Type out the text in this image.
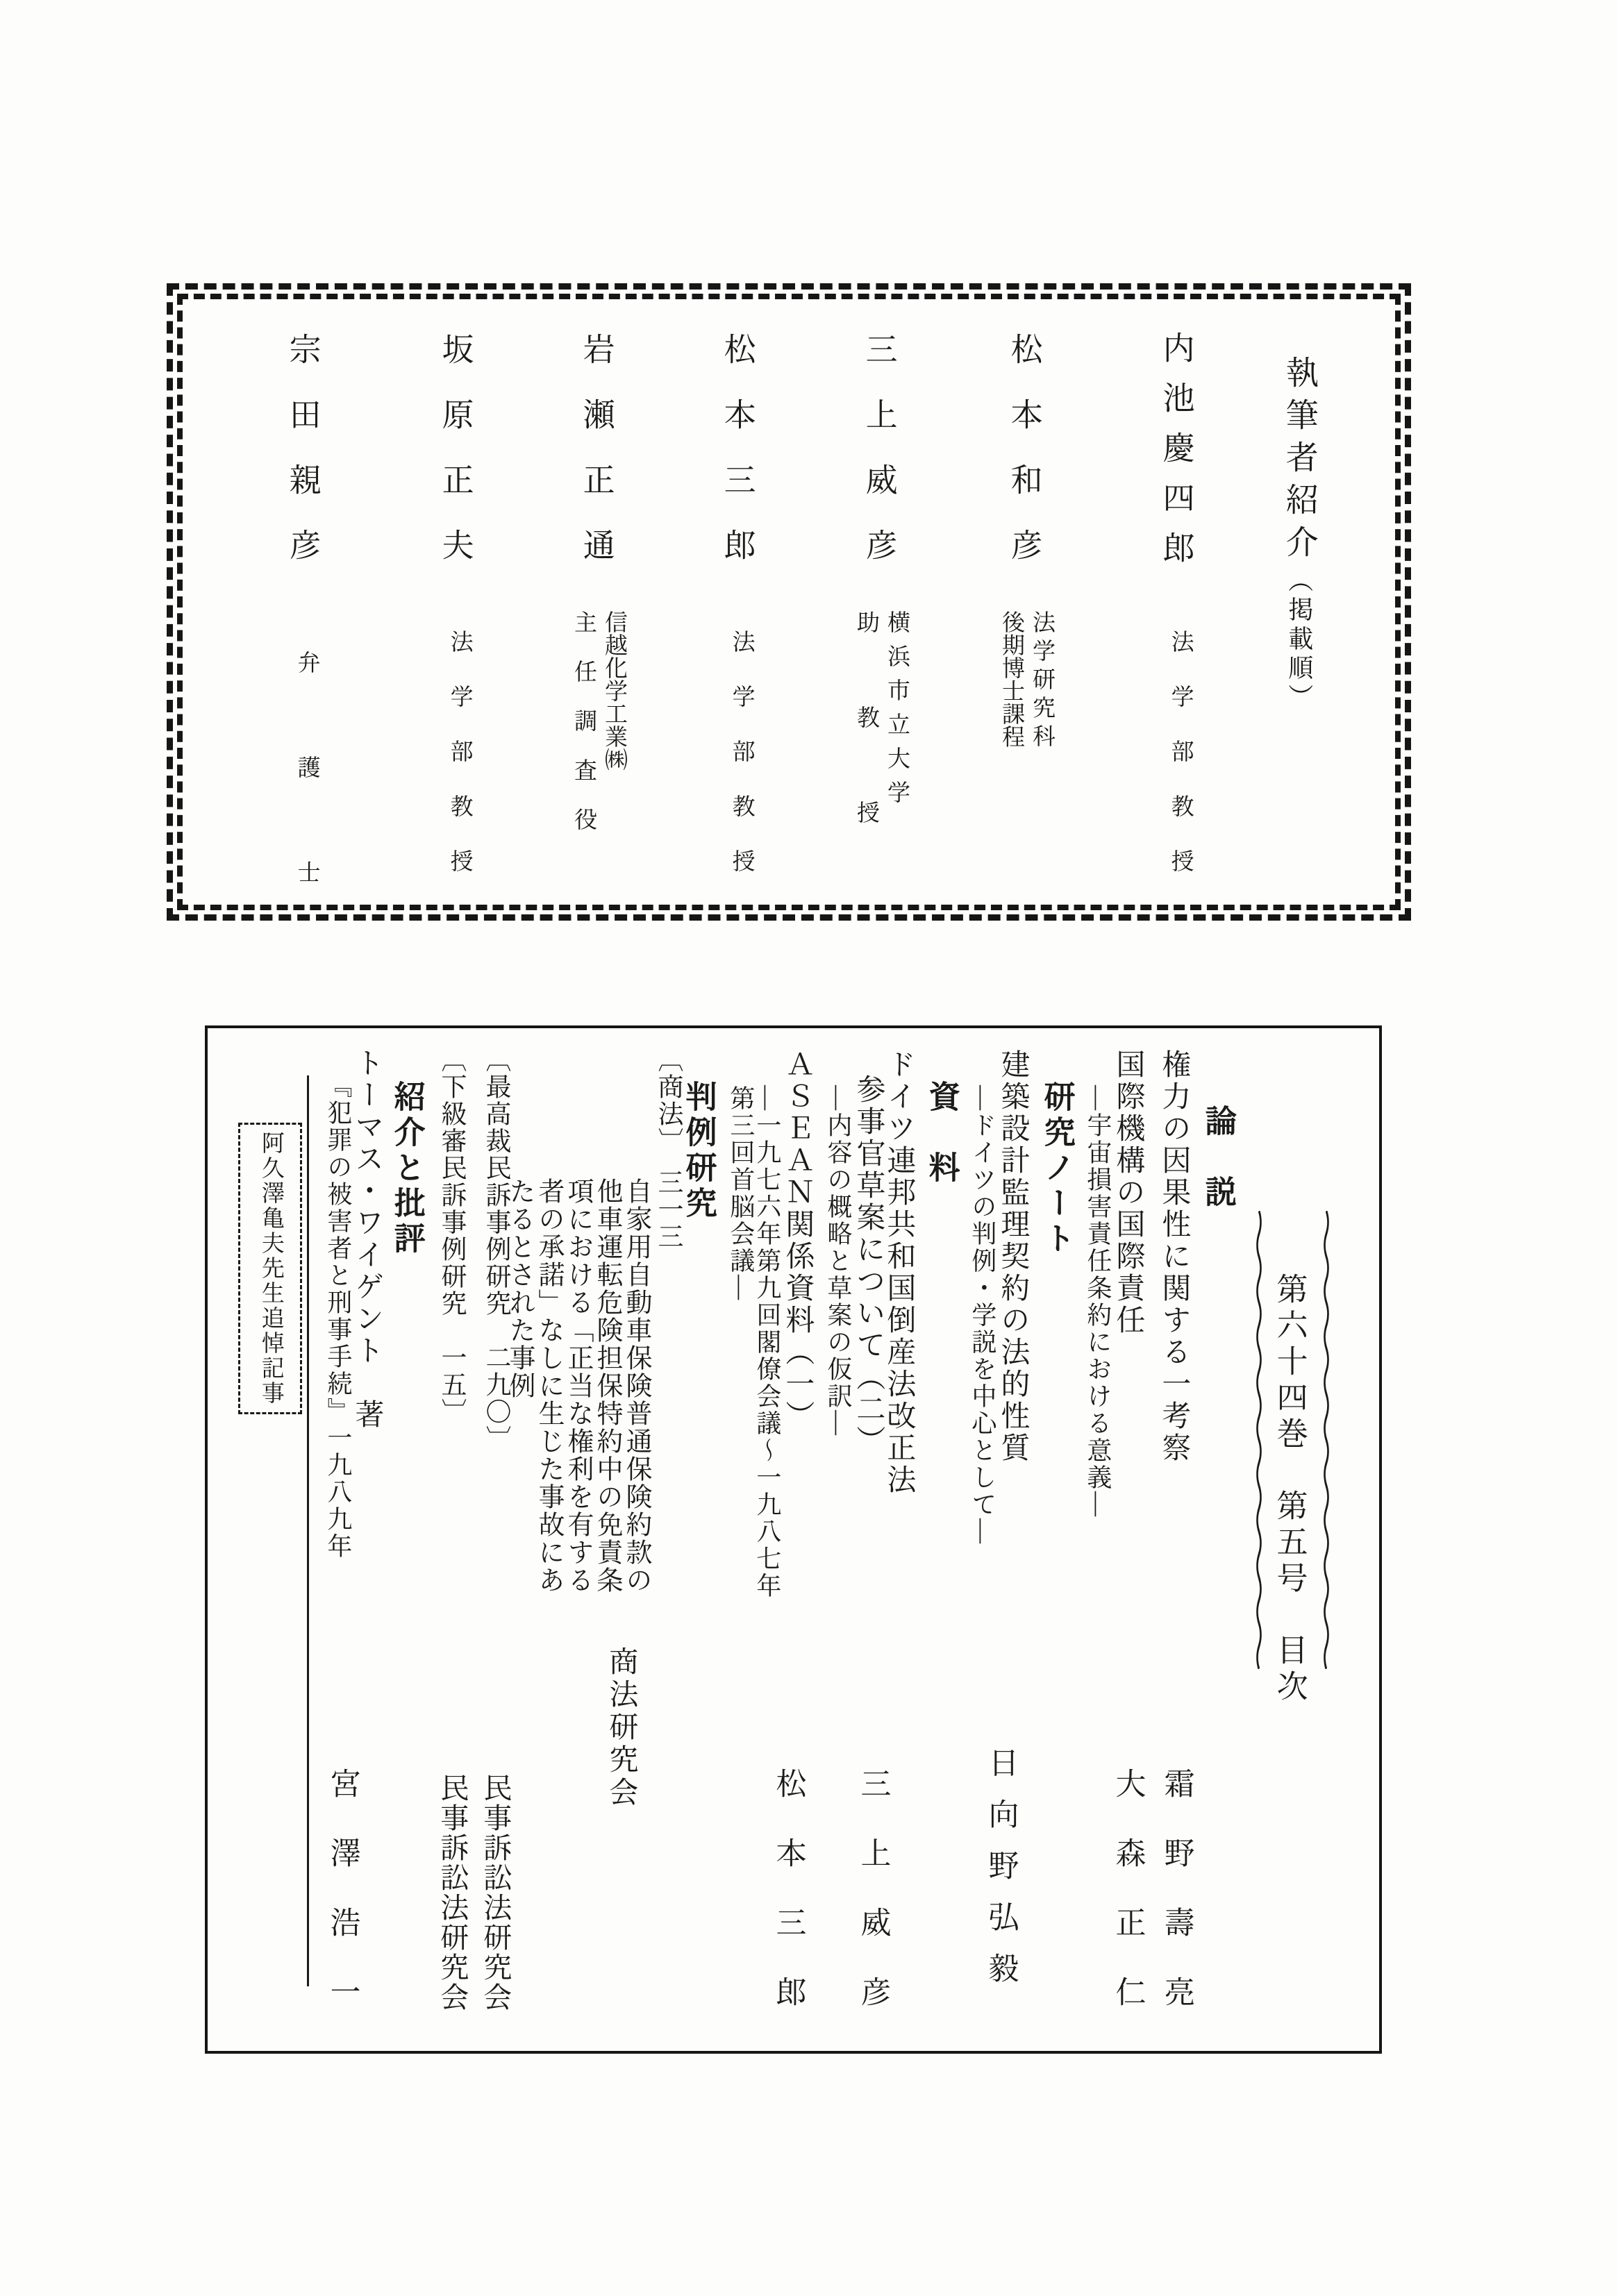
執筆者紹介（掲載順）
内池慶四郎
法学部教授
松本和彦
法学研究科
後期博士課程
三上威彦
横浜市立大学
助教授
松本三郎
法学部教授
岩瀬正通
信越化学工業㈱
主任調査役
坂原正夫
法学部教授
宗田親彦
弁護士
第六十四巻　第五号　目次
論　説
権力の因果性に関する一考察
霜野壽亮
国際機構の国際責任
―宇宙損害責任条約における意義―
大森正仁
研究ノート
建築設計監理契約の法的性質
―ドイツの判例・学説を中心として―
日向野弘毅
資　料
ドイツ連邦共和国倒産法改正法
参事官草案について（二）
―内容の概略と草案の仮訳―
三上威彦
ＡＳＥＡＮ関係資料（一）
―一九七六年第九回閣僚会議～一九八七年
第三回首脳会議―
松本三郎
判例研究
〔商法〕　三一三
自家用自動車保険普通保険約款の
他車運転危険担保特約中の免責条
項における「正当な権利を有する
者の承諾」なしに生じた事故にあ
たるとされた事例
商法研究会
〔最高裁民訴事例研究　二九〇〕
民事訴訟法研究会
〔下級審民訴事例研究　一五〕
民事訴訟法研究会
紹介と批評
トーマス・ワイゲント　著
『犯罪の被害者と刑事手続』一九八九年
宮澤浩一
阿久澤亀夫先生追悼記事
